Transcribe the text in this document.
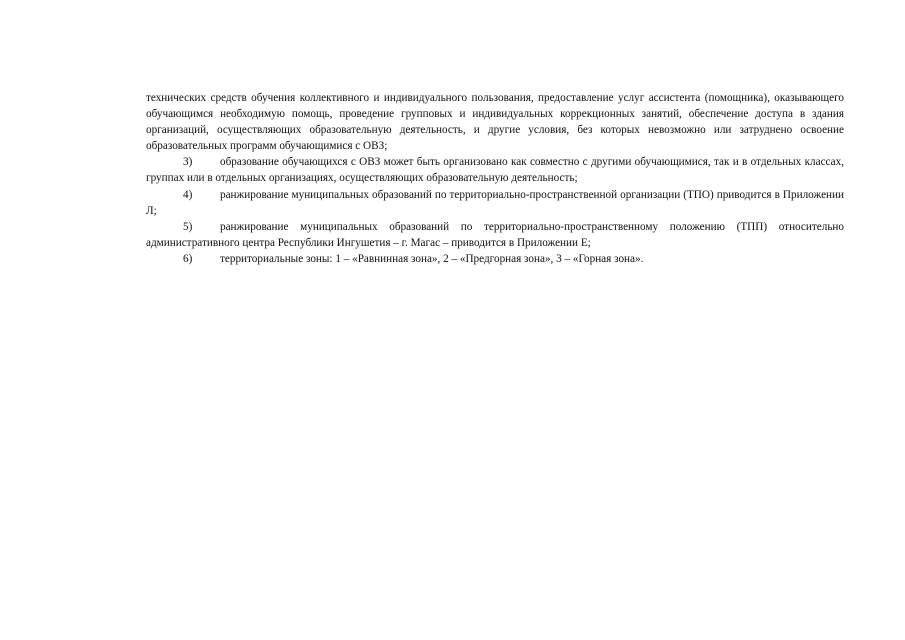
технических средств обучения коллективного и индивидуального пользования, предоставление услуг ассистента (помощника), оказывающего обучающимся необходимую помощь, проведение групповых и индивидуальных коррекционных занятий, обеспечение доступа в здания организаций, осуществляющих образовательную деятельность, и другие условия, без которых невозможно или затруднено освоение образовательных программ обучающимися с ОВЗ;

3) образование обучающихся с ОВЗ может быть организовано как совместно с другими обучающимися, так и в отдельных классах, группах или в отдельных организациях, осуществляющих образовательную деятельность;

4) ранжирование муниципальных образований по территориально-пространственной организации (ТПО) приводится в Приложении Л;

5) ранжирование муниципальных образований по территориально-пространственному положению (ТПП) относительно административного центра Республики Ингушетия – г. Магас – приводится в Приложении Е;

6) территориальные зоны: 1 – «Равнинная зона», 2 – «Предгорная зона», 3 – «Горная зона».
